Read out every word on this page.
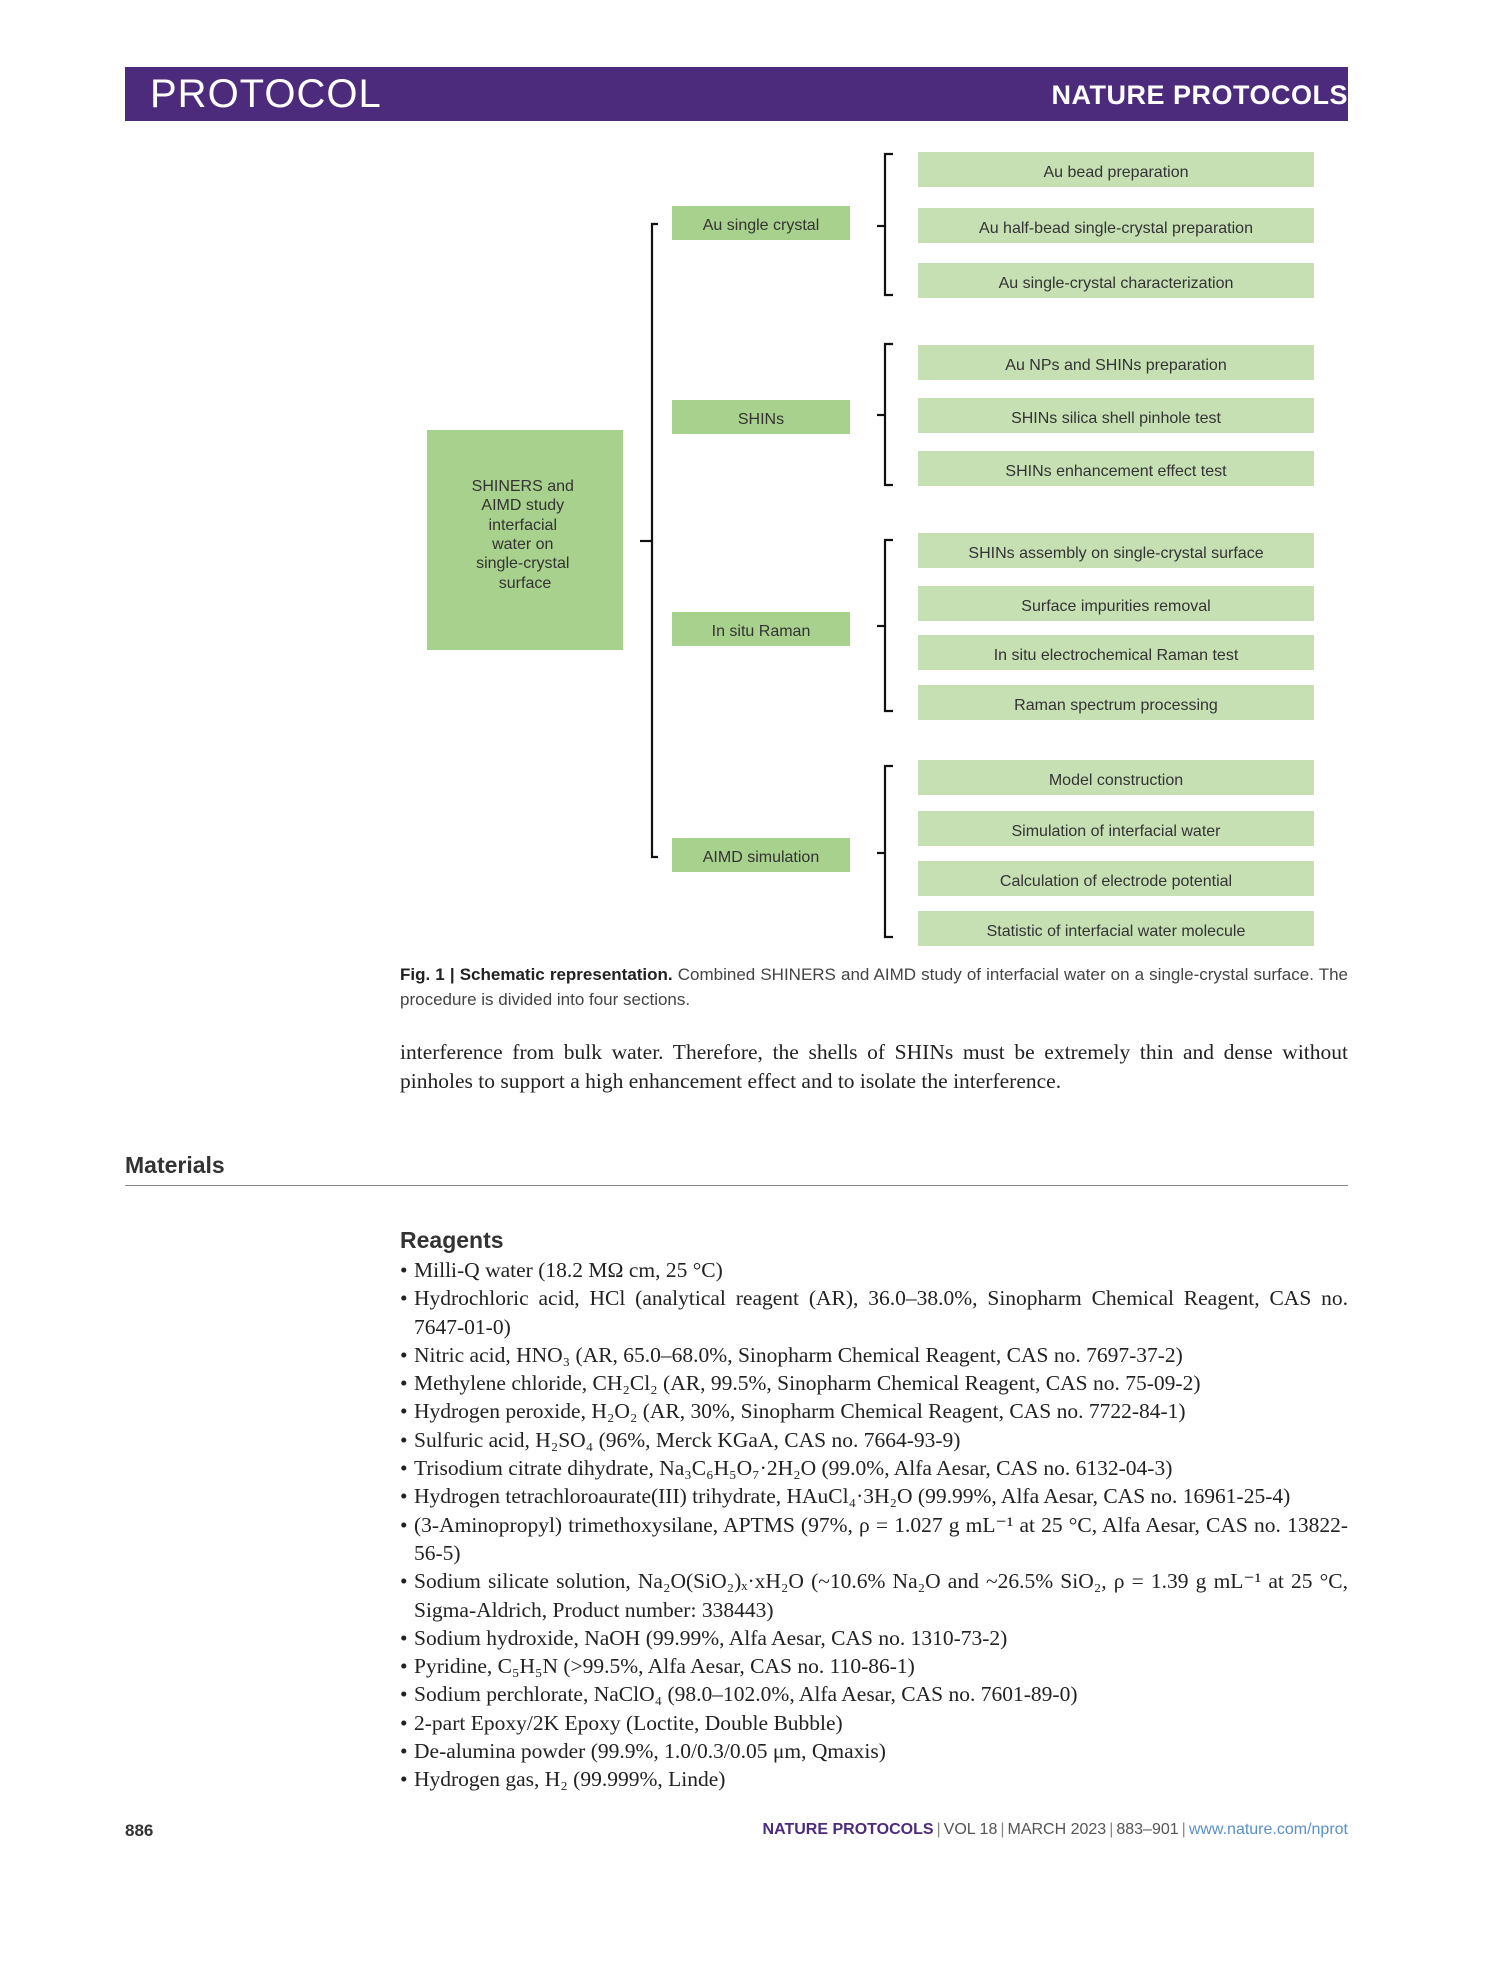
PROTOCOL	NATURE PROTOCOLS
SHINERS and AIMD study interfacial water on single-crystal surface
Au single crystal
Au bead preparation
Au half-bead single-crystal preparation
Au single-crystal characterization
SHINs
Au NPs and SHINs preparation
SHINs silica shell pinhole test
SHINs enhancement effect test
In situ Raman
SHINs assembly on single-crystal surface
Surface impurities removal
In situ electrochemical Raman test
Raman spectrum processing
AIMD simulation
Model construction
Simulation of interfacial water
Calculation of electrode potential
Statistic of interfacial water molecule
Fig. 1 | Schematic representation. Combined SHINERS and AIMD study of interfacial water on a single-crystal surface. The procedure is divided into four sections.
interference from bulk water. Therefore, the shells of SHINs must be extremely thin and dense without pinholes to support a high enhancement effect and to isolate the interference.
Materials
Reagents
• Milli-Q water (18.2 MΩ cm, 25 °C)
• Hydrochloric acid, HCl (analytical reagent (AR), 36.0–38.0%, Sinopharm Chemical Reagent, CAS no. 7647-01-0)
• Nitric acid, HNO₃ (AR, 65.0–68.0%, Sinopharm Chemical Reagent, CAS no. 7697-37-2)
• Methylene chloride, CH₂Cl₂ (AR, 99.5%, Sinopharm Chemical Reagent, CAS no. 75-09-2)
• Hydrogen peroxide, H₂O₂ (AR, 30%, Sinopharm Chemical Reagent, CAS no. 7722-84-1)
• Sulfuric acid, H₂SO₄ (96%, Merck KGaA, CAS no. 7664-93-9)
• Trisodium citrate dihydrate, Na₃C₆H₅O₇·2H₂O (99.0%, Alfa Aesar, CAS no. 6132-04-3)
• Hydrogen tetrachloroaurate(III) trihydrate, HAuCl₄·3H₂O (99.99%, Alfa Aesar, CAS no. 16961-25-4)
• (3-Aminopropyl) trimethoxysilane, APTMS (97%, ρ = 1.027 g mL⁻¹ at 25 °C, Alfa Aesar, CAS no. 13822-56-5)
• Sodium silicate solution, Na₂O(SiO₂)ₓ·xH₂O (~10.6% Na₂O and ~26.5% SiO₂, ρ = 1.39 g mL⁻¹ at 25 °C, Sigma-Aldrich, Product number: 338443)
• Sodium hydroxide, NaOH (99.99%, Alfa Aesar, CAS no. 1310-73-2)
• Pyridine, C₅H₅N (>99.5%, Alfa Aesar, CAS no. 110-86-1)
• Sodium perchlorate, NaClO₄ (98.0–102.0%, Alfa Aesar, CAS no. 7601-89-0)
• 2-part Epoxy/2K Epoxy (Loctite, Double Bubble)
• De-alumina powder (99.9%, 1.0/0.3/0.05 μm, Qmaxis)
• Hydrogen gas, H₂ (99.999%, Linde)
886	NATURE PROTOCOLS | VOL 18 | MARCH 2023 | 883–901 | www.nature.com/nprot
